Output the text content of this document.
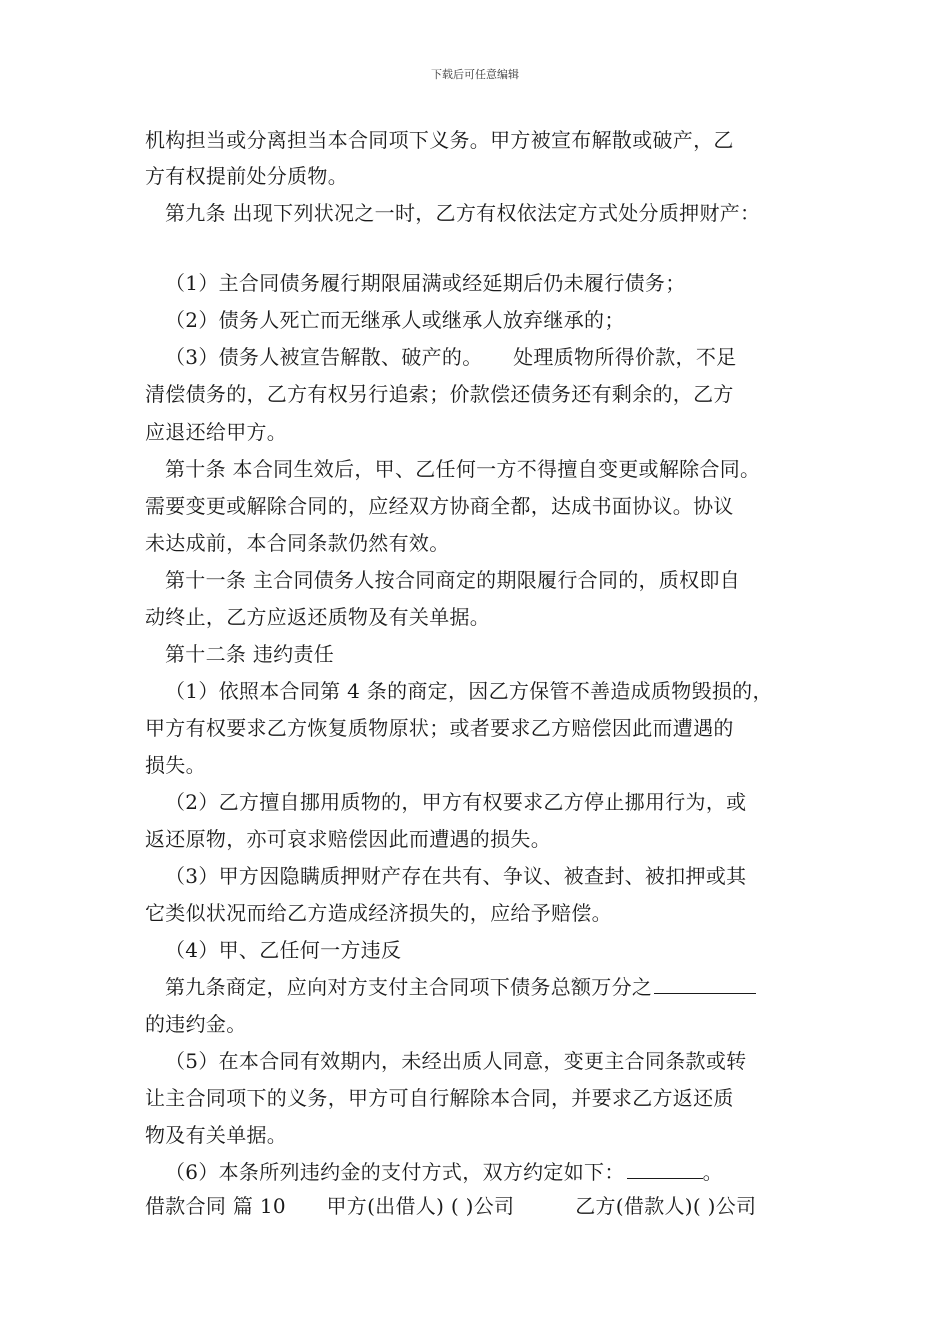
下载后可任意编辑
机构担当或分离担当本合同项下义务。甲方被宣布解散或破产，乙
方有权提前处分质物。
第九条 出现下列状况之一时，乙方有权依法定方式处分质押财产：
（1）主合同债务履行期限届满或经延期后仍未履行债务；
（2）债务人死亡而无继承人或继承人放弃继承的；
（3）债务人被宣告解散、破产的。　　处理质物所得价款，不足
清偿债务的，乙方有权另行追索；价款偿还债务还有剩余的，乙方
应退还给甲方。
第十条 本合同生效后，甲、乙任何一方不得擅自变更或解除合同。
需要变更或解除合同的，应经双方协商全都，达成书面协议。协议
未达成前，本合同条款仍然有效。
第十一条 主合同债务人按合同商定的期限履行合同的，质权即自
动终止，乙方应返还质物及有关单据。
第十二条 违约责任
（1）依照本合同第 4 条的商定，因乙方保管不善造成质物毁损的，
甲方有权要求乙方恢复质物原状；或者要求乙方赔偿因此而遭遇的
损失。
（2）乙方擅自挪用质物的，甲方有权要求乙方停止挪用行为，或
返还原物，亦可哀求赔偿因此而遭遇的损失。
（3）甲方因隐瞒质押财产存在共有、争议、被查封、被扣押或其
它类似状况而给乙方造成经济损失的，应给予赔偿。
（4）甲、乙任何一方违反
第九条商定，应向对方支付主合同项下债务总额万分之
的违约金。
（5）在本合同有效期内，未经出质人同意，变更主合同条款或转
让主合同项下的义务，甲方可自行解除本合同，并要求乙方返还质
物及有关单据。
（6）本条所列违约金的支付方式，双方约定如下：	。
借款合同 篇 10　　甲方(出借人) ( )公司　　　乙方(借款人)( )公司
